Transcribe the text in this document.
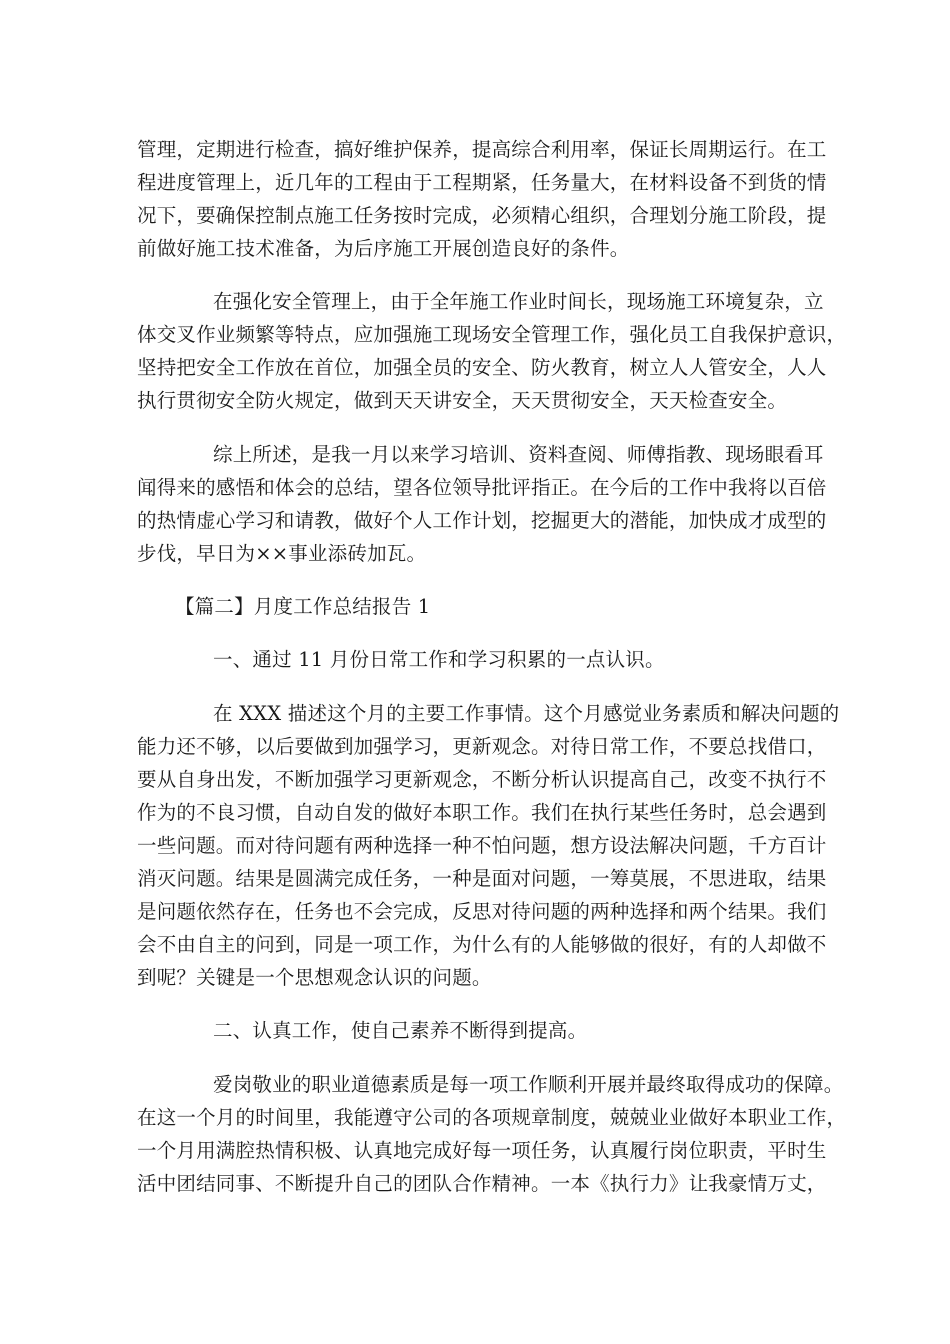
管理，定期进行检查，搞好维护保养，提高综合利用率，保证长周期运行。在工
程进度管理上，近几年的工程由于工程期紧，任务量大，在材料设备不到货的情
况下，要确保控制点施工任务按时完成，必须精心组织，合理划分施工阶段，提
前做好施工技术准备，为后序施工开展创造良好的条件。
在强化安全管理上，由于全年施工作业时间长，现场施工环境复杂，立
体交叉作业频繁等特点，应加强施工现场安全管理工作，强化员工自我保护意识，
坚持把安全工作放在首位，加强全员的安全、防火教育，树立人人管安全，人人
执行贯彻安全防火规定，做到天天讲安全，天天贯彻安全，天天检查安全。
综上所述，是我一月以来学习培训、资料查阅、师傅指教、现场眼看耳
闻得来的感悟和体会的总结，望各位领导批评指正。在今后的工作中我将以百倍
的热情虚心学习和请教，做好个人工作计划，挖掘更大的潜能，加快成才成型的
步伐，早日为××事业添砖加瓦。
【篇二】月度工作总结报告 1
一、通过 11 月份日常工作和学习积累的一点认识。
在 XXX 描述这个月的主要工作事情。这个月感觉业务素质和解决问题的
能力还不够，以后要做到加强学习，更新观念。对待日常工作，不要总找借口，
要从自身出发，不断加强学习更新观念，不断分析认识提高自己，改变不执行不
作为的不良习惯，自动自发的做好本职工作。我们在执行某些任务时，总会遇到
一些问题。而对待问题有两种选择一种不怕问题，想方设法解决问题，千方百计
消灭问题。结果是圆满完成任务，一种是面对问题，一筹莫展，不思进取，结果
是问题依然存在，任务也不会完成，反思对待问题的两种选择和两个结果。我们
会不由自主的问到，同是一项工作，为什么有的人能够做的很好，有的人却做不
到呢？关键是一个思想观念认识的问题。
二、认真工作，使自己素养不断得到提高。
爱岗敬业的职业道德素质是每一项工作顺利开展并最终取得成功的保障。
在这一个月的时间里，我能遵守公司的各项规章制度，兢兢业业做好本职业工作，
一个月用满腔热情积极、认真地完成好每一项任务，认真履行岗位职责，平时生
活中团结同事、不断提升自己的团队合作精神。一本《执行力》让我豪情万丈，
